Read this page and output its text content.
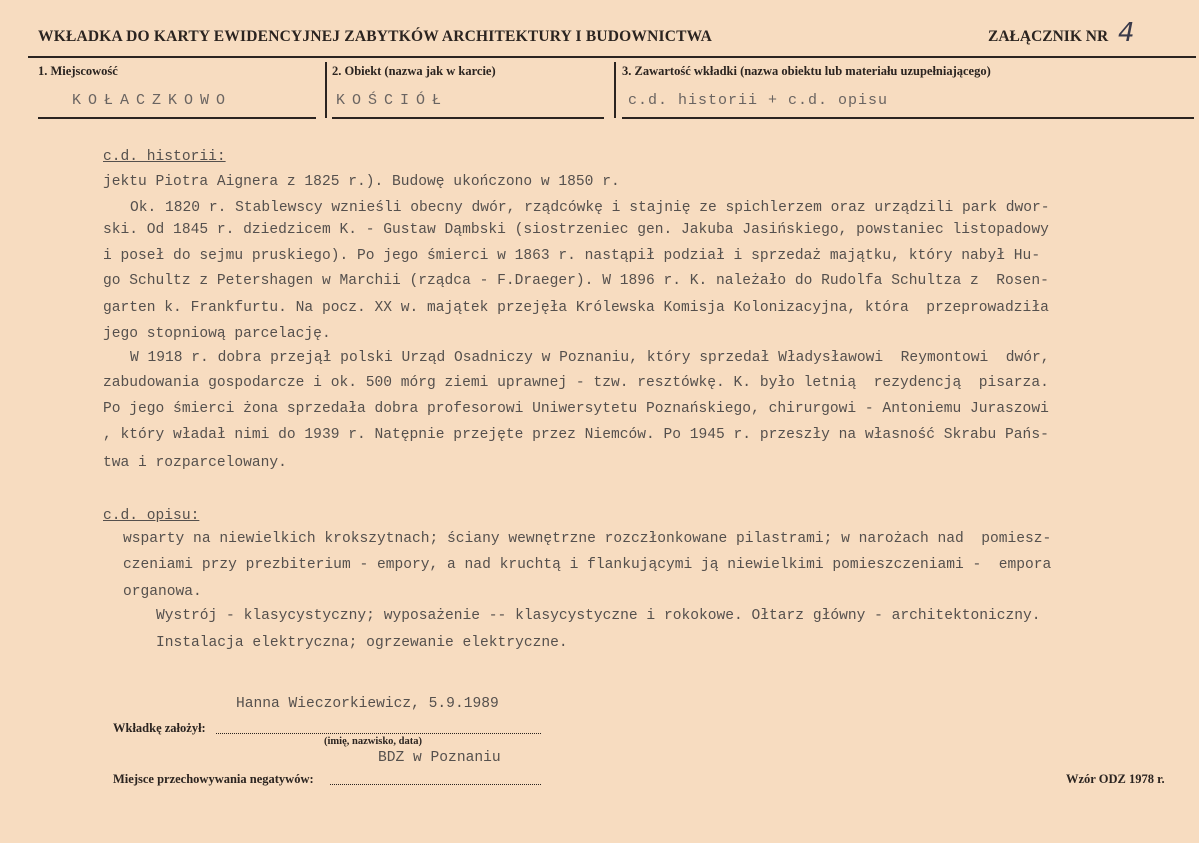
WKŁADKA DO KARTY EWIDENCYJNEJ ZABYTKÓW ARCHITEKTURY I BUDOWNICTWA	ZAŁĄCZNIK NR 4
1. Miejscowość	2. Obiekt (nazwa jak w karcie)	3. Zawartość wkładki (nazwa obiektu lub materiału uzupełniającego)
KOŁACZKOWO	KOŚCIÓŁ	c.d. historii + c.d. opisu
c.d. historii:
jektu Piotra Aignera z 1825 r.). Budowę ukończono w 1850 r.
Ok. 1820 r. Stablewscy wznieśli obecny dwór, rządcówkę i stajnię ze spichlerzem oraz urządzili park dwor-
ski. Od 1845 r. dziedzicem K. - Gustaw Dąmbski (siostrzeniec gen. Jakuba Jasińskiego, powstaniec listopadowy
i poseł do sejmu pruskiego). Po jego śmierci w 1863 r. nastąpił podział i sprzedaż majątku, który nabył Hu-
go Schultz z Petershagen w Marchii (rządca - F.Draeger). W 1896 r. K. należało do Rudolfa Schultza z  Rosen-
garten k. Frankfurtu. Na pocz. XX w. majątek przejęła Królewska Komisja Kolonizacyjna, która  przeprowadziła
jego stopniową parcelację.
W 1918 r. dobra przejął polski Urząd Osadniczy w Poznaniu, który sprzedał Władysławowi  Reymontowi  dwór,
zabudowania gospodarcze i ok. 500 mórg ziemi uprawnej - tzw. resztówkę. K. było letnią  rezydencją  pisarza.
Po jego śmierci żona sprzedała dobra profesorowi Uniwersytetu Poznańskiego, chirurgowi - Antoniemu Juraszowi
, który władał nimi do 1939 r. Natępnie przejęte przez Niemców. Po 1945 r. przeszły na własność Skrabu Pańs-
twa i rozparcelowany.
c.d. opisu:
wsparty na niewielkich krokszytnach; ściany wewnętrzne rozczłonkowane pilastrami; w narożach nad  pomiesz-
czeniami przy prezbiterium - empory, a nad kruchtą i flankującymi ją niewielkimi pomieszczeniami -  empora
organowa.
Wystrój - klasycystyczny; wyposażenie -- klasycystyczne i rokokowe. Ołtarz główny - architektoniczny.
Instalacja elektryczna; ogrzewanie elektryczne.
Hanna Wieczorkiewicz, 5.9.1989
Wkładkę założył:
(imię, nazwisko, data)
BDZ w Poznaniu
Miejsce przechowywania negatywów:	Wzór ODZ 1978 r.
